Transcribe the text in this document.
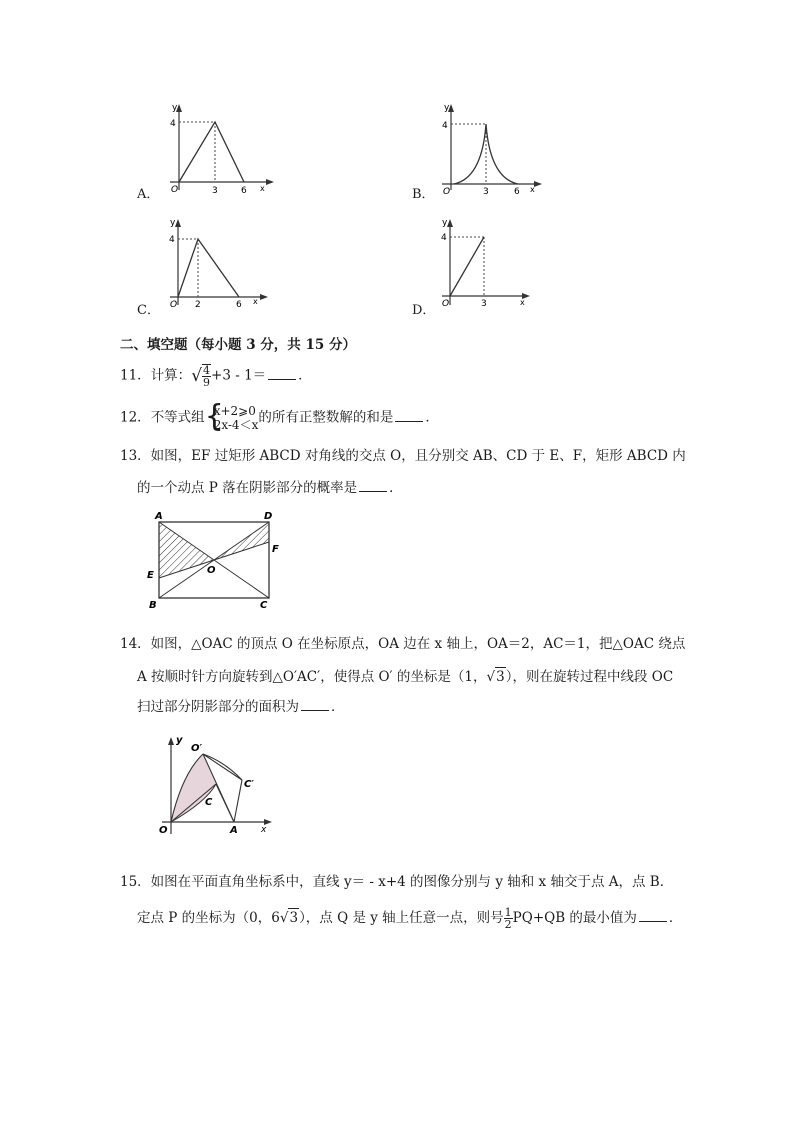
A．
y
4
O	3	6 x	B．
y
4
O	3	6 x
C．
y
4
O 2	6 x
D．
y
4
O	3	x
二、填空题（每小题 3 分，共 15 分）
11．计算：√ $\frac{4}{9} +3 - 1=$ ．
12．不等式组 {
x+2⩾0
2x-4＜x 的所有正整数解的和是 ．
13．如图，EF 过矩形 ABCD 对角线的交点 O，且分别交 AB、CD 于 E、F，矩形 ABCD 内
的一个动点 P 落在阴影部分的概率是 ．
A	D
F
E	O
B	C
14．如图，△OAC 的顶点 O 在坐标原点，OA 边在 x 轴上，OA＝2，AC＝1，把△OAC 绕点
A 按顺时针方向旋转到△O′AC′，使得点 O′ 的坐标是（1，√3），则在旋转过程中线段 OC
扫过部分阴影部分的面积为 ．
y
O′
C′
C
O	A	x
15．如图在平面直角坐标系中，直线 y＝ - x+4 的图像分别与 y 轴和 x 轴交于点 A，点 B．
定点 P 的坐标为（0，6√3），点 Q 是 y 轴上任意一点，则号 $\frac{1}{2} PQ+QB$ 的最小值为 ．
